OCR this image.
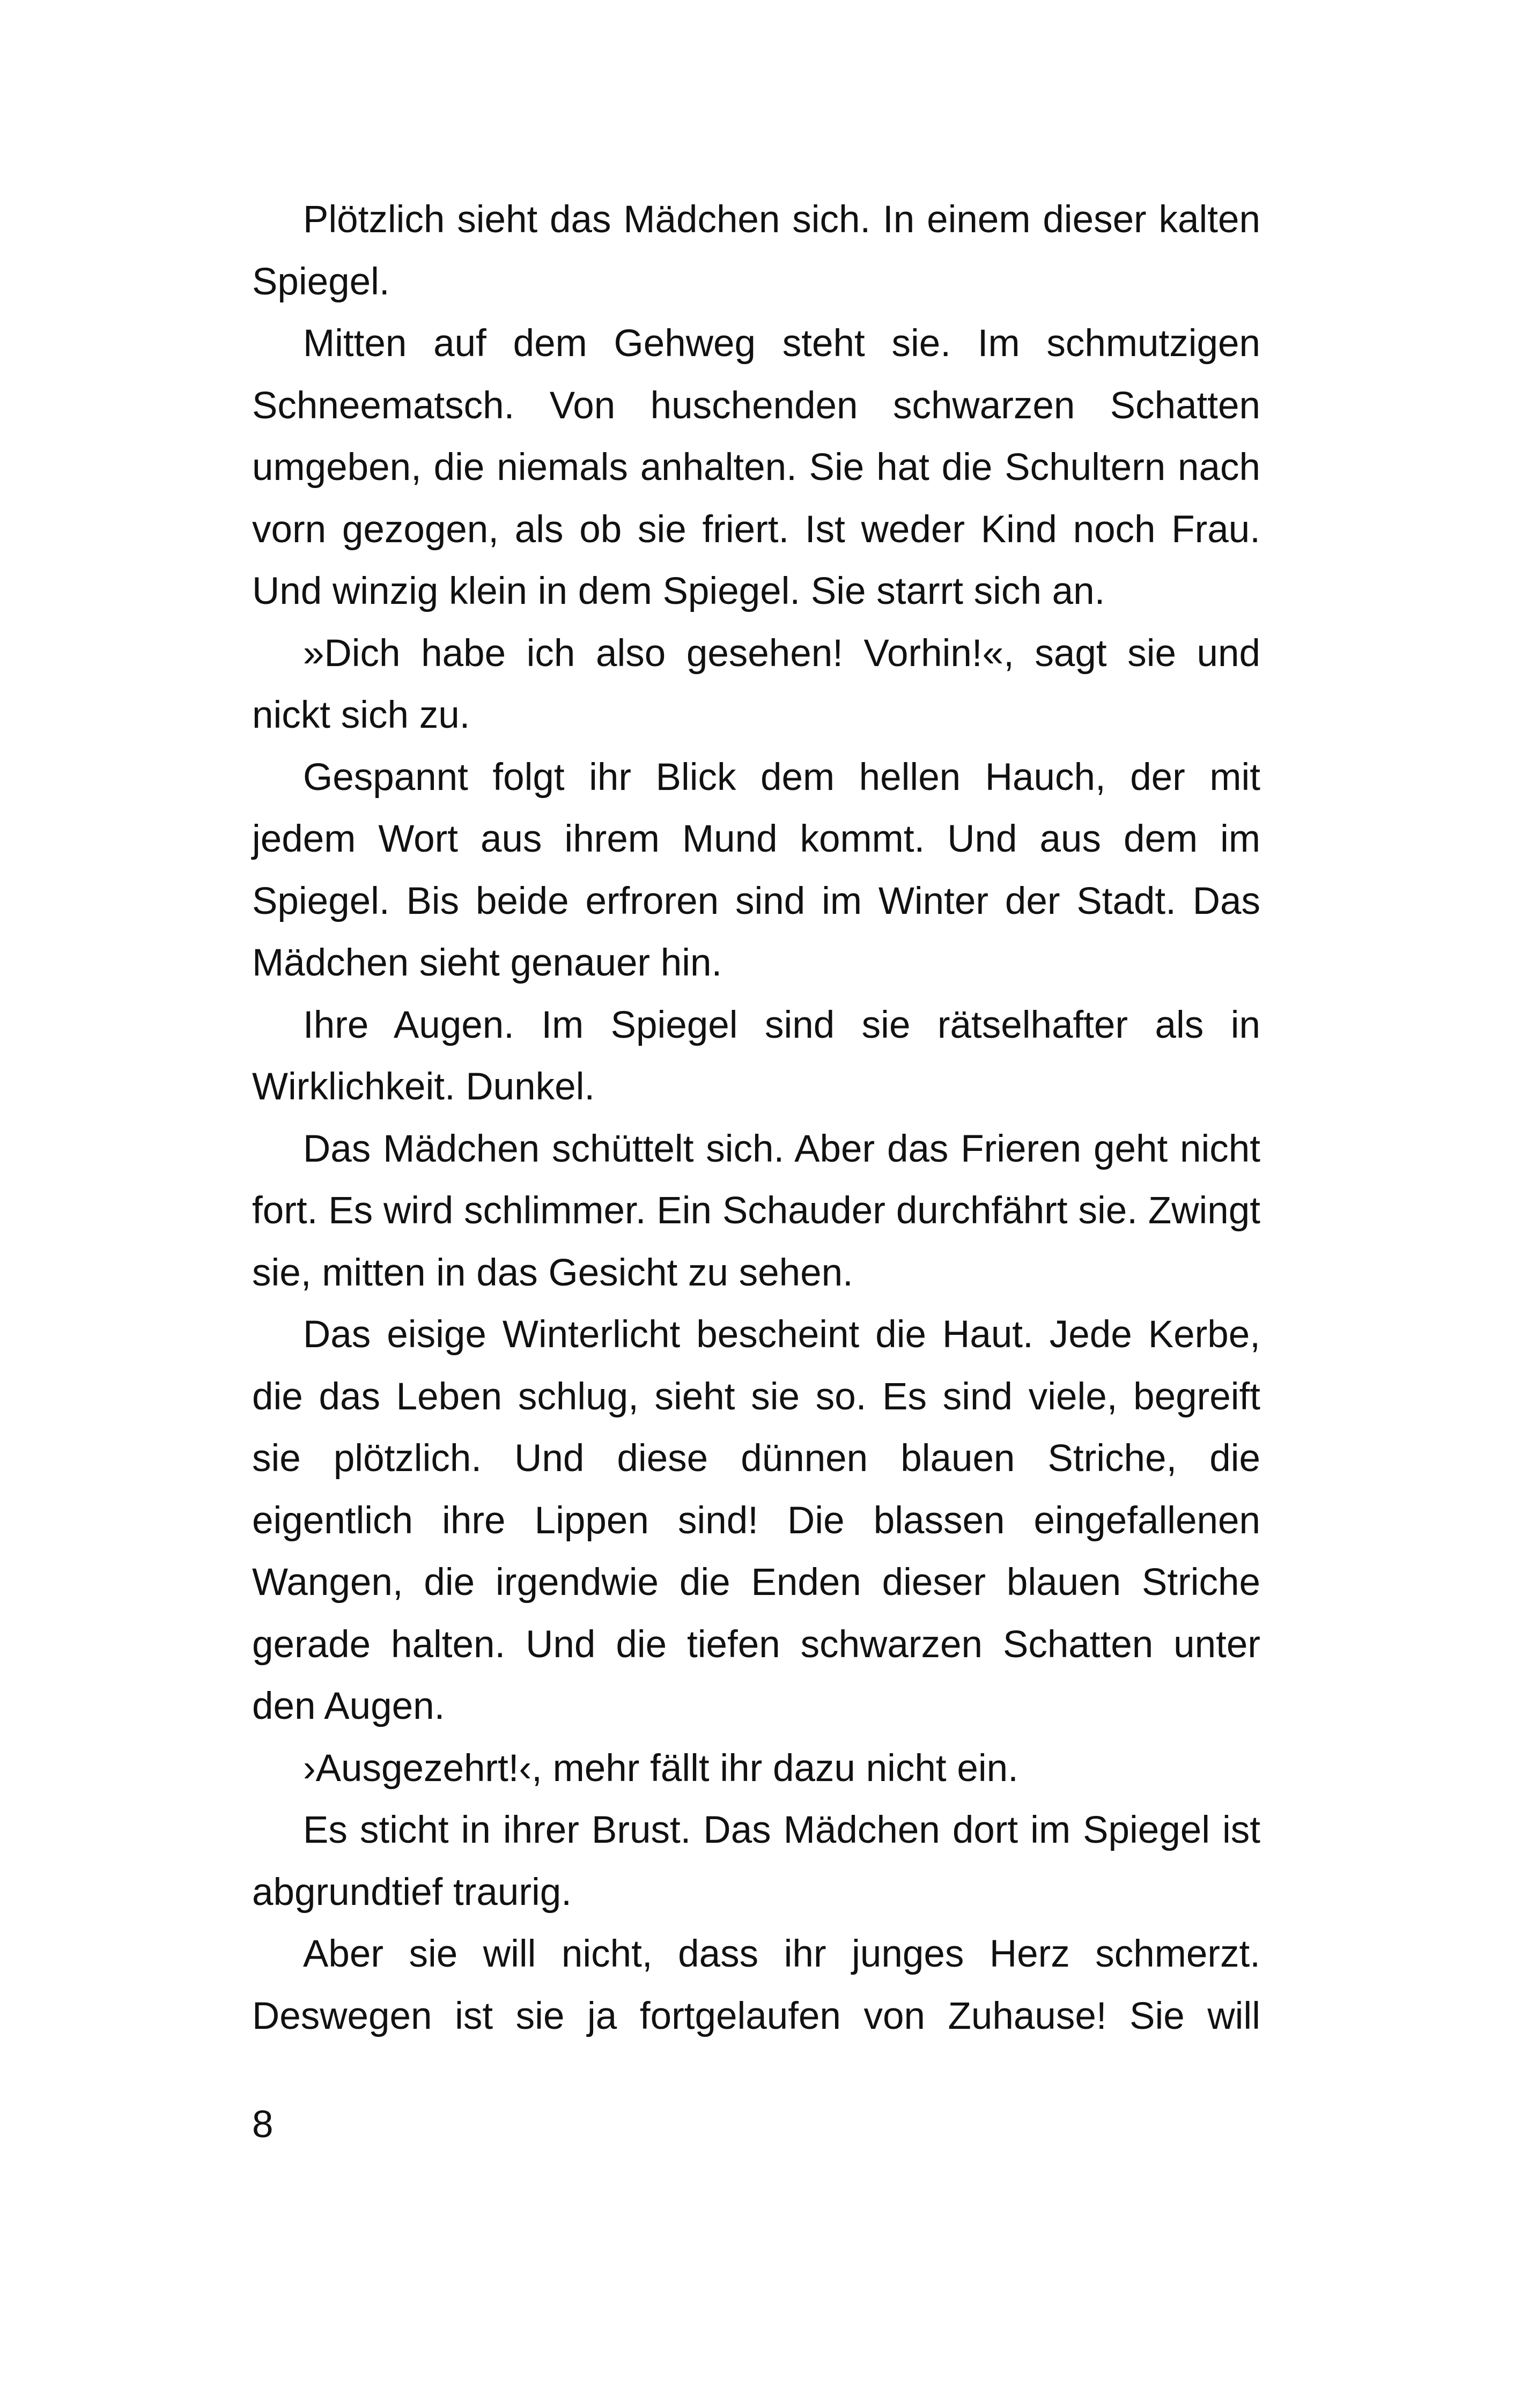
Plötzlich sieht das Mädchen sich. In einem dieser kalten Spiegel.

Mitten auf dem Gehweg steht sie. Im schmutzigen Schneematsch. Von huschenden schwarzen Schatten umgeben, die niemals anhalten. Sie hat die Schultern nach vorn gezogen, als ob sie friert. Ist weder Kind noch Frau. Und winzig klein in dem Spiegel. Sie starrt sich an.

»Dich habe ich also gesehen! Vorhin!«, sagt sie und nickt sich zu.

Gespannt folgt ihr Blick dem hellen Hauch, der mit jedem Wort aus ihrem Mund kommt. Und aus dem im Spiegel. Bis beide erfroren sind im Winter der Stadt. Das Mädchen sieht genauer hin.

Ihre Augen. Im Spiegel sind sie rätselhafter als in Wirklichkeit. Dunkel.

Das Mädchen schüttelt sich. Aber das Frieren geht nicht fort. Es wird schlimmer. Ein Schauder durchfährt sie. Zwingt sie, mitten in das Gesicht zu sehen.

Das eisige Winterlicht bescheint die Haut. Jede Kerbe, die das Leben schlug, sieht sie so. Es sind viele, begreift sie plötzlich. Und diese dünnen blauen Striche, die eigentlich ihre Lippen sind! Die blassen eingefallenen Wangen, die irgendwie die Enden dieser blauen Striche gerade halten. Und die tiefen schwarzen Schatten unter den Augen.

›Ausgezehrt!‹, mehr fällt ihr dazu nicht ein.

Es sticht in ihrer Brust. Das Mädchen dort im Spiegel ist abgrundtief traurig.

Aber sie will nicht, dass ihr junges Herz schmerzt. Deswegen ist sie ja fortgelaufen von Zuhause! Sie will

8
